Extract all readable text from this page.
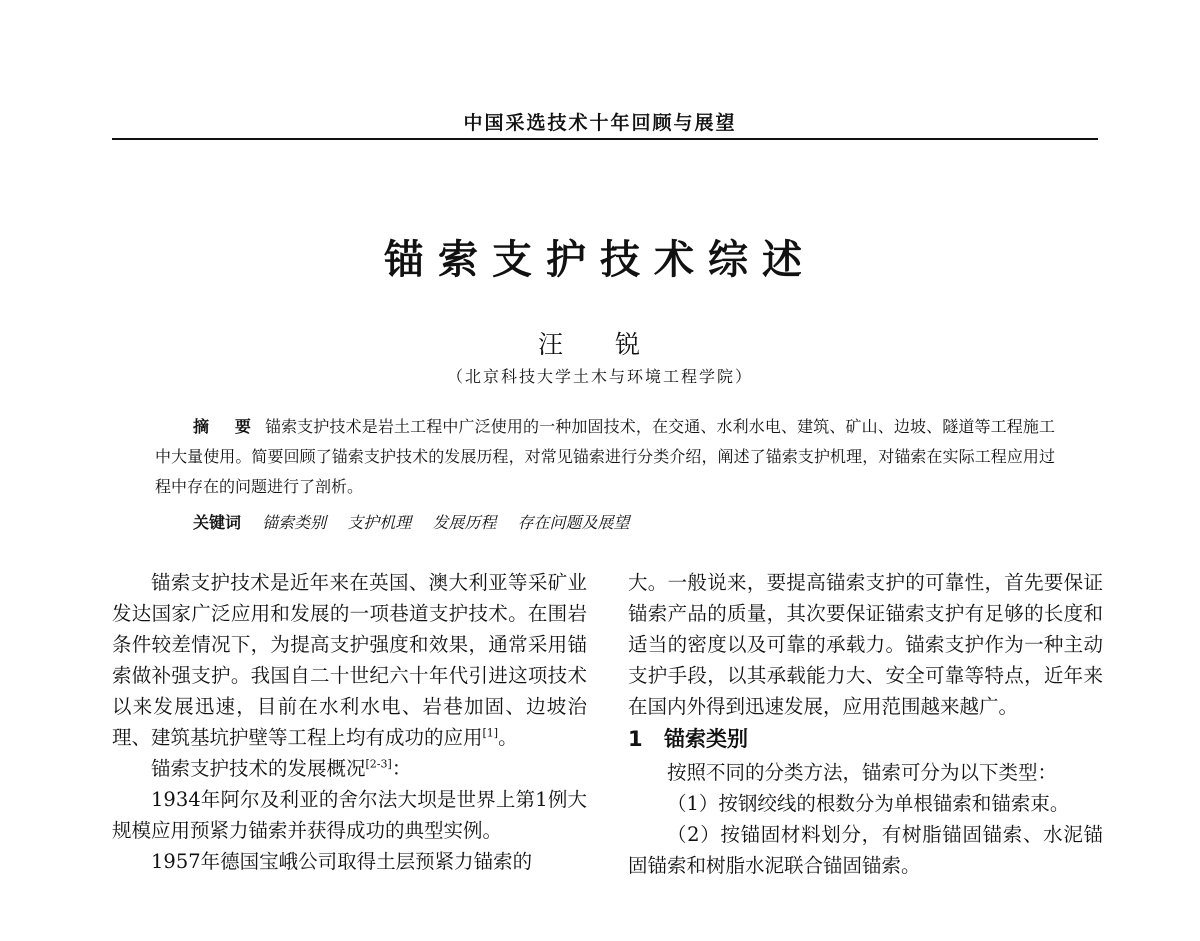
中国采选技术十年回顾与展望
锚索支护技术综述
汪 锐
（北京科技大学土木与环境工程学院）
摘 要 锚索支护技术是岩土工程中广泛使用的一种加固技术，在交通、水利水电、建筑、矿山、边坡、隧道等工程施工中大量使用。简要回顾了锚索支护技术的发展历程，对常见锚索进行分类介绍，阐述了锚索支护机理，对锚索在实际工程应用过程中存在的问题进行了剖析。
关键词 锚索类别 支护机理 发展历程 存在问题及展望

锚索支护技术是近年来在英国、澳大利亚等采矿业发达国家广泛应用和发展的一项巷道支护技术。在围岩条件较差情况下，为提高支护强度和效果，通常采用锚索做补强支护。我国自二十世纪六十年代引进这项技术以来发展迅速，目前在水利水电、岩巷加固、边坡治理、建筑基坑护壁等工程上均有成功的应用[1]。

锚索支护技术的发展概况[2-3]：

1934年阿尔及利亚的舍尔法大坝是世界上第1例大规模应用预紧力锚索并获得成功的典型实例。

1957年德国宝峨公司取得土层预紧力锚索的

大。一般说来，要提高锚索支护的可靠性，首先要保证锚索产品的质量，其次要保证锚索支护有足够的长度和适当的密度以及可靠的承载力。锚索支护作为一种主动支护手段，以其承载能力大、安全可靠等特点，近年来在国内外得到迅速发展，应用范围越来越广。

1 锚索类别

按照不同的分类方法，锚索可分为以下类型：

（1）按钢绞线的根数分为单根锚索和锚索束。

（2）按锚固材料划分，有树脂锚固锚索、水泥锚固锚索和树脂水泥联合锚固锚索。
